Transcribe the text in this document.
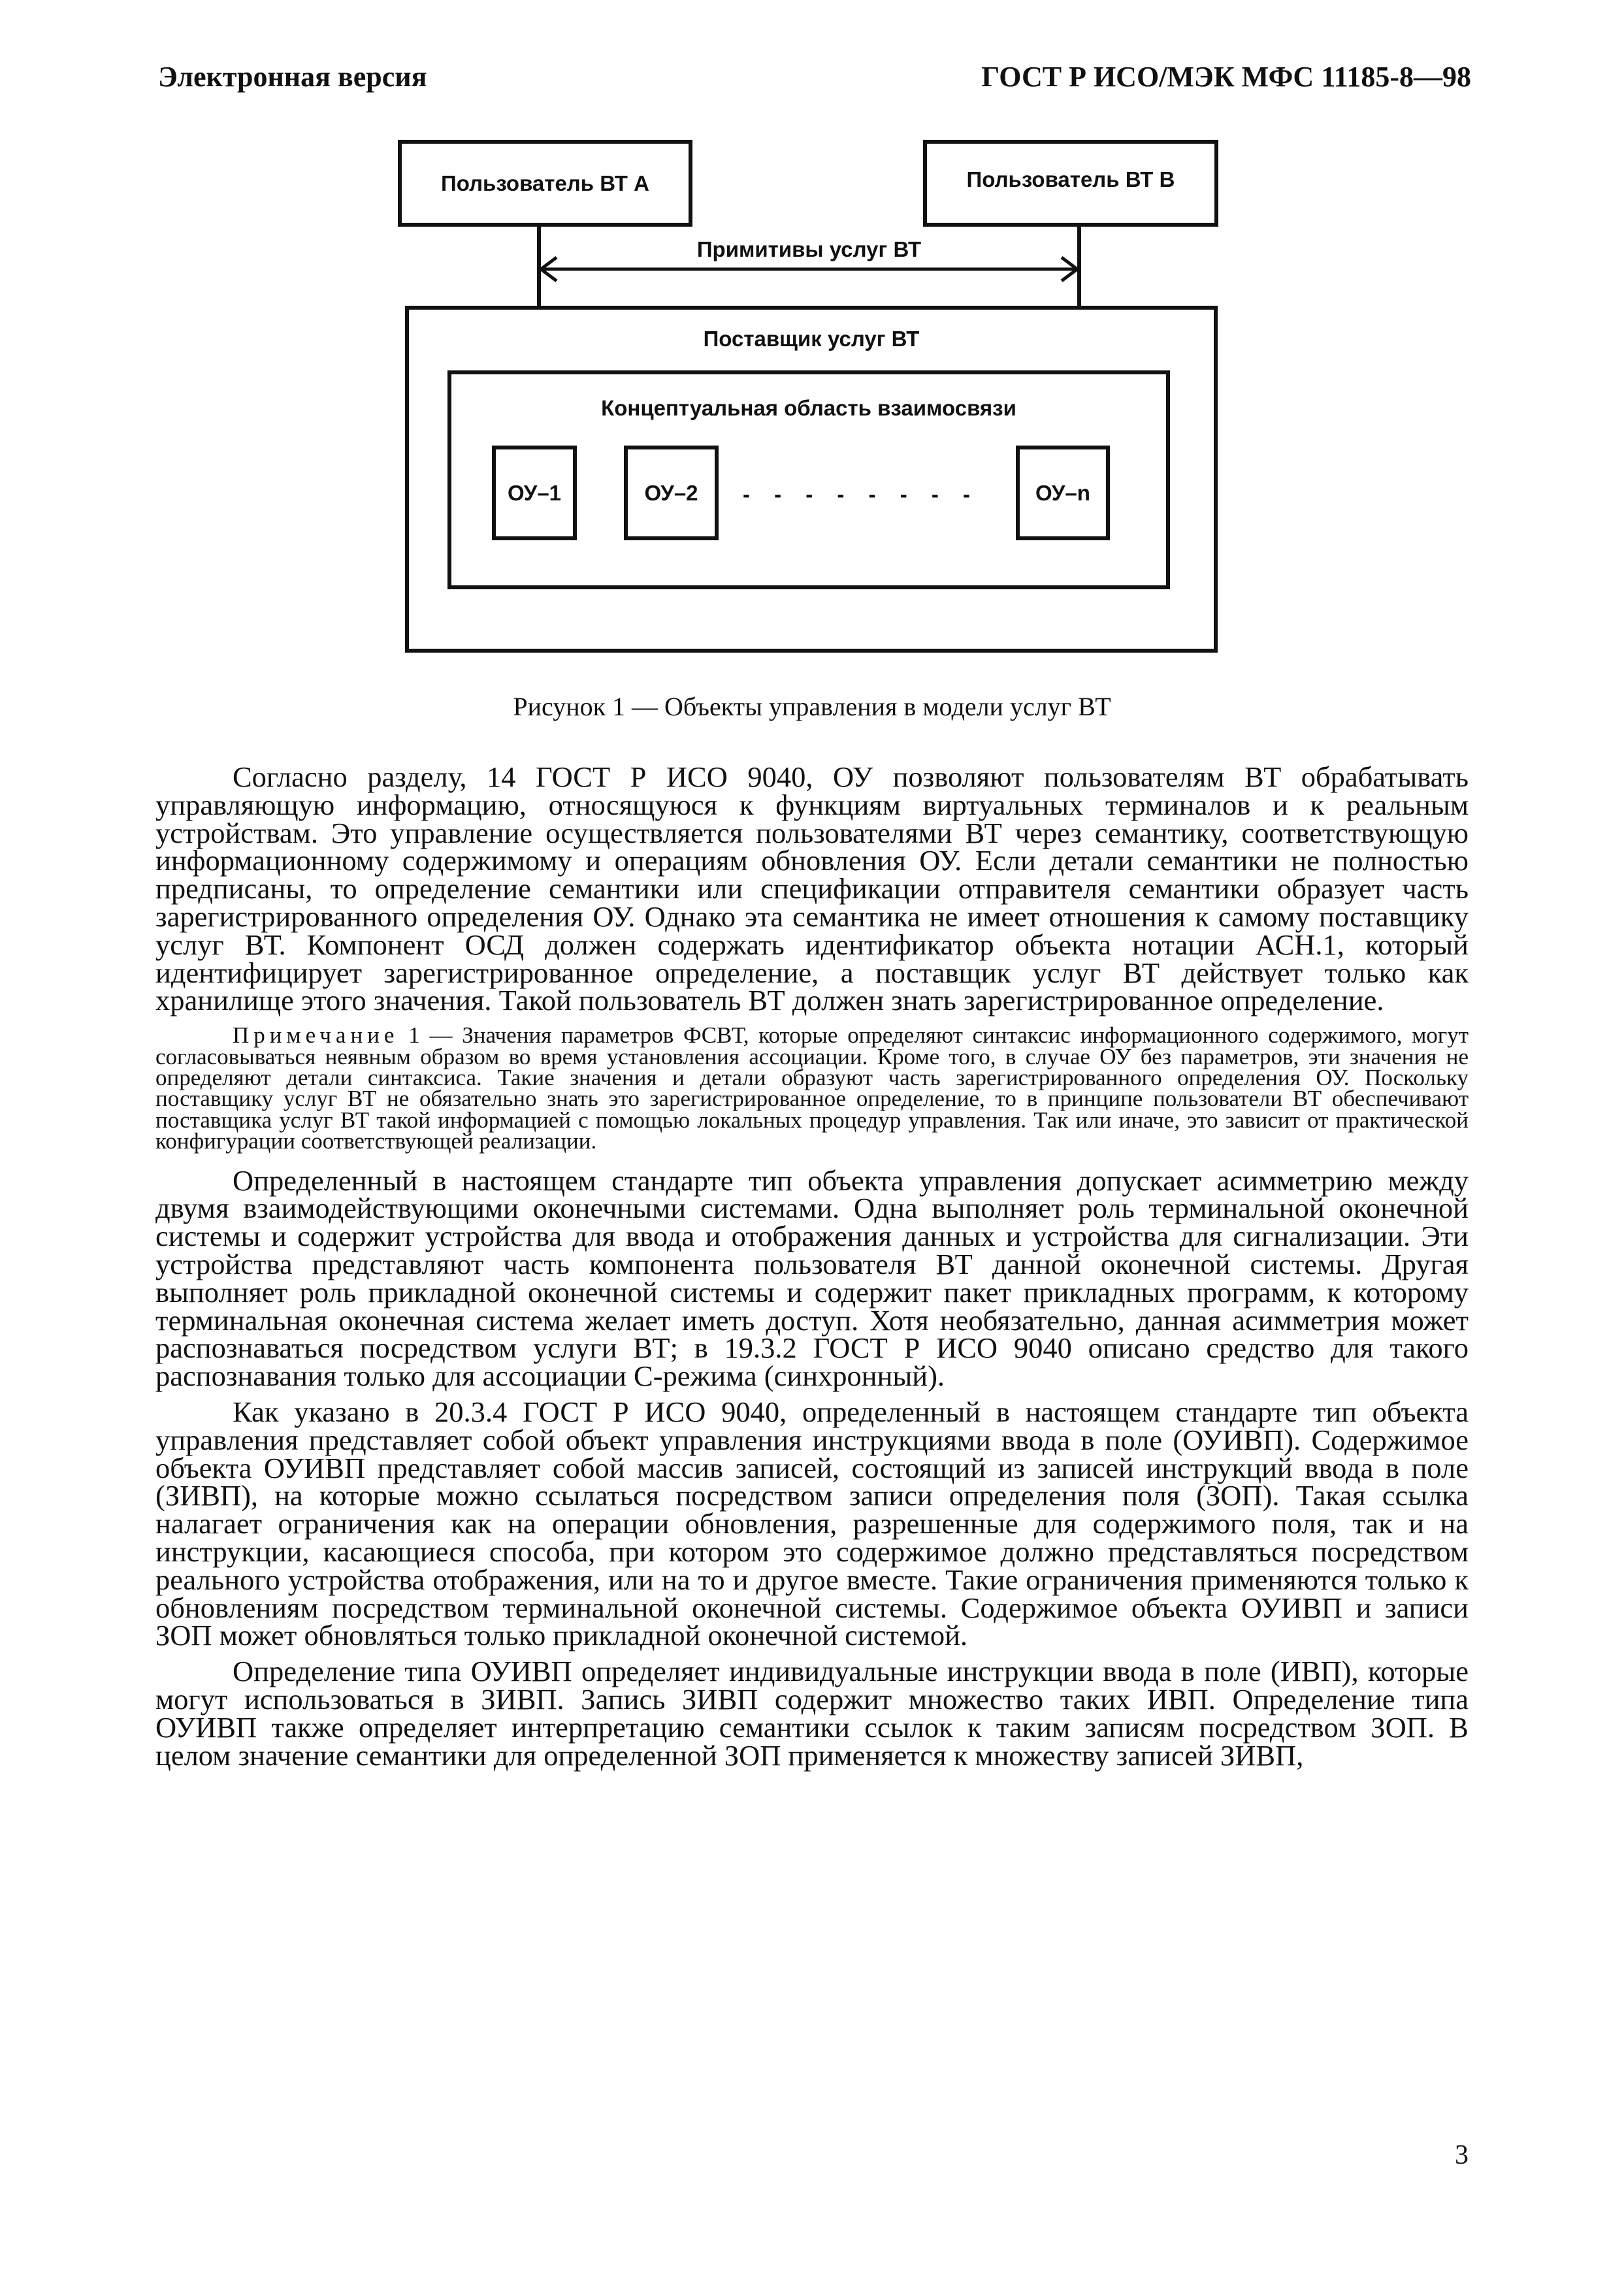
Электронная версия	ГОСТ Р ИСО/МЭК МФС 11185-8—98
Пользователь ВТ А	Пользователь ВТ В
Примитивы услуг ВТ
Поставщик услуг ВТ
Концептуальная область взаимосвязи
ОУ–1	ОУ–2	- - - - - - - -	ОУ–n
Рисунок 1 — Объекты управления в модели услуг ВТ

Согласно разделу, 14 ГОСТ Р ИСО 9040, ОУ позволяют пользователям ВТ обрабатывать управляющую информацию, относящуюся к функциям виртуальных терминалов и к реальным устройствам. Это управление осуществляется пользователями ВТ через семантику, соответствующую информационному содержимому и операциям обновления ОУ. Если детали семантики не полностью предписаны, то определение семантики или спецификации отправителя семантики образует часть зарегистрированного определения ОУ. Однако эта семантика не имеет отношения к самому поставщику услуг ВТ. Компонент ОСД должен содержать идентификатор объекта нотации АСН.1, который идентифицирует зарегистрированное определение, а поставщик услуг ВТ действует только как хранилище этого значения. Такой пользователь ВТ должен знать зарегистрированное определение.

Примечание 1 — Значения параметров ФСВТ, которые определяют синтаксис информационного содержимого, могут согласовываться неявным образом во время установления ассоциации. Кроме того, в случае ОУ без параметров, эти значения не определяют детали синтаксиса. Такие значения и детали образуют часть зарегистрированного определения ОУ. Поскольку поставщику услуг ВТ не обязательно знать это зарегистрированное определение, то в принципе пользователи ВТ обеспечивают поставщика услуг ВТ такой информацией с помощью локальных процедур управления. Так или иначе, это зависит от практической конфигурации соответствующей реализации.

Определенный в настоящем стандарте тип объекта управления допускает асимметрию между двумя взаимодействующими оконечными системами. Одна выполняет роль терминальной оконечной системы и содержит устройства для ввода и отображения данных и устройства для сигнализации. Эти устройства представляют часть компонента пользователя ВТ данной оконечной системы. Другая выполняет роль прикладной оконечной системы и содержит пакет прикладных программ, к которому терминальная оконечная система желает иметь доступ. Хотя необязательно, данная асимметрия может распознаваться посредством услуги ВТ; в 19.3.2 ГОСТ Р ИСО 9040 описано средство для такого распознавания только для ассоциации С-режима (синхронный).

Как указано в 20.3.4 ГОСТ Р ИСО 9040, определенный в настоящем стандарте тип объекта управления представляет собой объект управления инструкциями ввода в поле (ОУИВП). Содержимое объекта ОУИВП представляет собой массив записей, состоящий из записей инструкций ввода в поле (ЗИВП), на которые можно ссылаться посредством записи определения поля (ЗОП). Такая ссылка налагает ограничения как на операции обновления, разрешенные для содержимого поля, так и на инструкции, касающиеся способа, при котором это содержимое должно представляться посредством реального устройства отображения, или на то и другое вместе. Такие ограничения применяются только к обновлениям посредством терминальной оконечной системы. Содержимое объекта ОУИВП и записи ЗОП может обновляться только прикладной оконечной системой.

Определение типа ОУИВП определяет индивидуальные инструкции ввода в поле (ИВП), которые могут использоваться в ЗИВП. Запись ЗИВП содержит множество таких ИВП. Определение типа ОУИВП также определяет интерпретацию семантики ссылок к таким записям посредством ЗОП. В целом значение семантики для определенной ЗОП применяется к множеству записей ЗИВП,

3
